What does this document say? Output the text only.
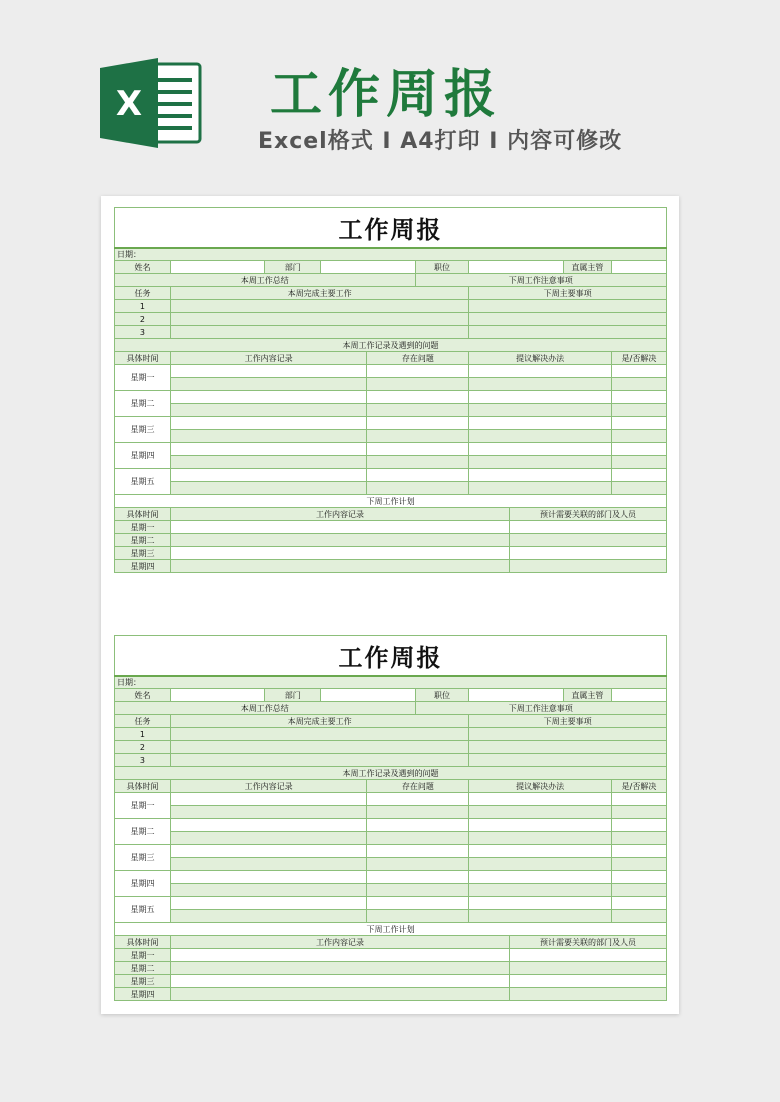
X 工作周报
Excel格式 I A4打印 I 内容可修改
工作周报									
日期：									
姓名		部门			职位			直属主管	
本周工作总结					下周工作注意事项				
任务	本周完成主要工作					下周主要事项			
1									
2									
3									
本周工作记录及遇到的问题									
具体时间	工作内容记录			存在问题		提议解决办法			是/否解决
星期一									

星期二									

星期三									

星期四									

星期五									

下周工作计划									
具体时间	工作内容记录						预计需要关联的部门及人员		
星期一									
星期二									
星期三									
星期四									
工作周报									
日期：									
姓名		部门			职位			直属主管	
本周工作总结					下周工作注意事项				
任务	本周完成主要工作					下周主要事项			
1									
2									
3									
本周工作记录及遇到的问题									
具体时间	工作内容记录			存在问题		提议解决办法			是/否解决
星期一									

星期二									

星期三									

星期四									

星期五									

下周工作计划									
具体时间	工作内容记录						预计需要关联的部门及人员		
星期一									
星期二									
星期三									
星期四									
